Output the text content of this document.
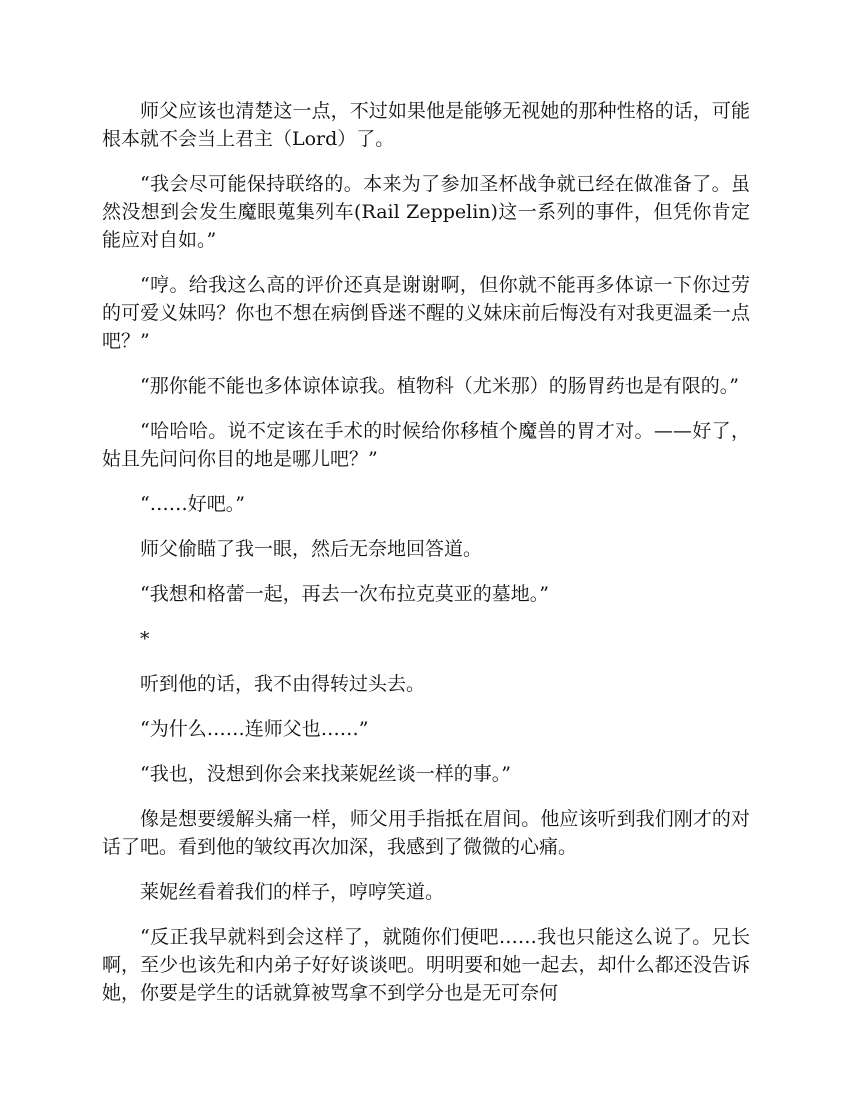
师父应该也清楚这一点，不过如果他是能够无视她的那种性格的话，可能根本就不会当上君主（Lord）了。

“我会尽可能保持联络的。本来为了参加圣杯战争就已经在做准备了。虽然没想到会发生魔眼蒐集列车(Rail Zeppelin)这一系列的事件，但凭你肯定能应对自如。”

“哼。给我这么高的评价还真是谢谢啊，但你就不能再多体谅一下你过劳的可爱义妹吗？你也不想在病倒昏迷不醒的义妹床前后悔没有对我更温柔一点吧？”

“那你能不能也多体谅体谅我。植物科（尤米那）的肠胃药也是有限的。”

“哈哈哈。说不定该在手术的时候给你移植个魔兽的胃才对。——好了，姑且先问问你目的地是哪儿吧？”

“……好吧。”

师父偷瞄了我一眼，然后无奈地回答道。

“我想和格蕾一起，再去一次布拉克莫亚的墓地。”

*

听到他的话，我不由得转过头去。

“为什么……连师父也……”

“我也，没想到你会来找莱妮丝谈一样的事。”

像是想要缓解头痛一样，师父用手指抵在眉间。他应该听到我们刚才的对话了吧。看到他的皱纹再次加深，我感到了微微的心痛。

莱妮丝看着我们的样子，哼哼笑道。

“反正我早就料到会这样了，就随你们便吧……我也只能这么说了。兄长啊，至少也该先和内弟子好好谈谈吧。明明要和她一起去，却什么都还没告诉她，你要是学生的话就算被骂拿不到学分也是无可奈何
